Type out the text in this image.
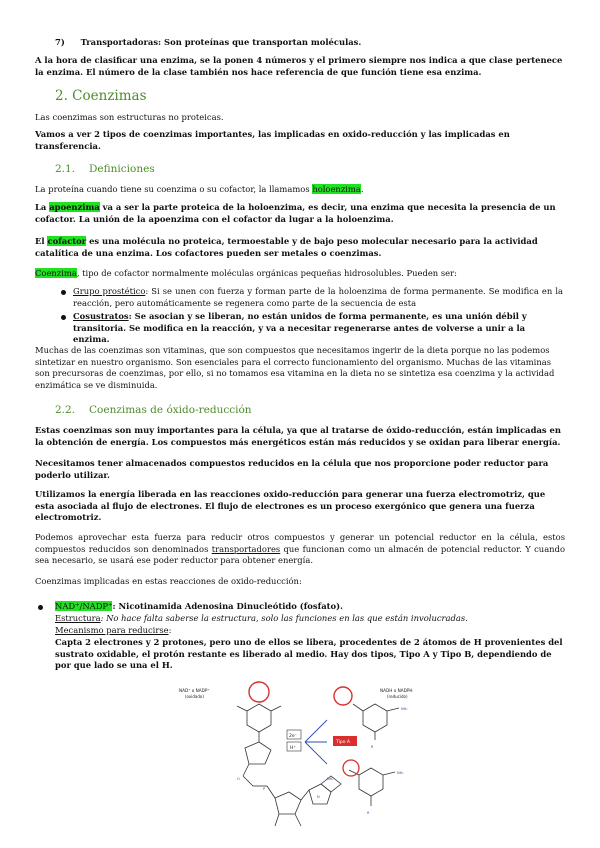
7) Transportadoras: Son proteínas que transportan moléculas.
A la hora de clasificar una enzima, se la ponen 4 números y el primero siempre nos indica a que clase pertenece la enzima. El número de la clase también nos hace referencia de que función tiene esa enzima.
2. Coenzimas
Las coenzimas son estructuras no proteicas.
Vamos a ver 2 tipos de coenzimas importantes, las implicadas en oxido-reducción y las implicadas en transferencia.
2.1. Definiciones
La proteína cuando tiene su coenzima o su cofactor, la llamamos holoenzima.
La apoenzima va a ser la parte proteica de la holoenzima, es decir, una enzima que necesita la presencia de un cofactor. La unión de la apoenzima con el cofactor da lugar a la holoenzima.
El cofactor es una molécula no proteica, termoestable y de bajo peso molecular necesario para la actividad catalítica de una enzima. Los cofactores pueden ser metales o coenzimas.
Coenzima, tipo de cofactor normalmente moléculas orgánicas pequeñas hidrosolubles. Pueden ser:
Grupo prostético: Si se unen con fuerza y forman parte de la holoenzima de forma permanente. Se modifica en la reacción, pero automáticamente se regenera como parte de la secuencia de esta
Cosustratos: Se asocian y se liberan, no están unidos de forma permanente, es una unión débil y transitoria. Se modifica en la reacción, y va a necesitar regenerarse antes de volverse a unir a la enzima.
Muchas de las coenzimas son vitaminas, que son compuestos que necesitamos ingerir de la dieta porque no las podemos sintetizar en nuestro organismo. Son esenciales para el correcto funcionamiento del organismo. Muchas de las vitaminas son precursoras de coenzimas, por ello, si no tomamos esa vitamina en la dieta no se sintetiza esa coenzima y la actividad enzimática se ve disminuida.
2.2. Coenzimas de óxido-reducción
Estas coenzimas son muy importantes para la célula, ya que al tratarse de óxido-reducción, están implicadas en la obtención de energía. Los compuestos más energéticos están más reducidos y se oxidan para liberar energía.
Necesitamos tener almacenados compuestos reducidos en la célula que nos proporcione poder reductor para poderlo utilizar.
Utilizamos la energía liberada en las reacciones oxido-reducción para generar una fuerza electromotriz, que esta asociada al flujo de electrones. El flujo de electrones es un proceso exergónico que genera una fuerza electromotriz.
Podemos aprovechar esta fuerza para reducir otros compuestos y generar un potencial reductor en la célula, estos compuestos reducidos son denominados transportadores que funcionan como un almacén de potencial reductor. Y cuando sea necesario, se usará ese poder reductor para obtener energía.
Coenzimas implicadas en estas reacciones de oxido-reducción:
NAD⁺/NADP⁺: Nicotinamida Adenosina Dinucleótido (fosfato).
Estructura: No hace falta saberse la estructura, solo las funciones en las que están involucradas.
Mecanismo para reducirse:
Capta 2 electrones y 2 protones, pero uno de ellos se libera, procedentes de 2 átomos de H provenientes del sustrato oxidable, el protón restante es liberado al medio. Hay dos tipos, Tipo A y Tipo B, dependiendo de por que lado se una el H.
NAD⁺ o NADP⁺
(oxidado)
NADH o NADPH
(reducido)
O
P
N
NH₂
2e⁻
H⁺
Tipo A
NH₂
NH₂
R
R
